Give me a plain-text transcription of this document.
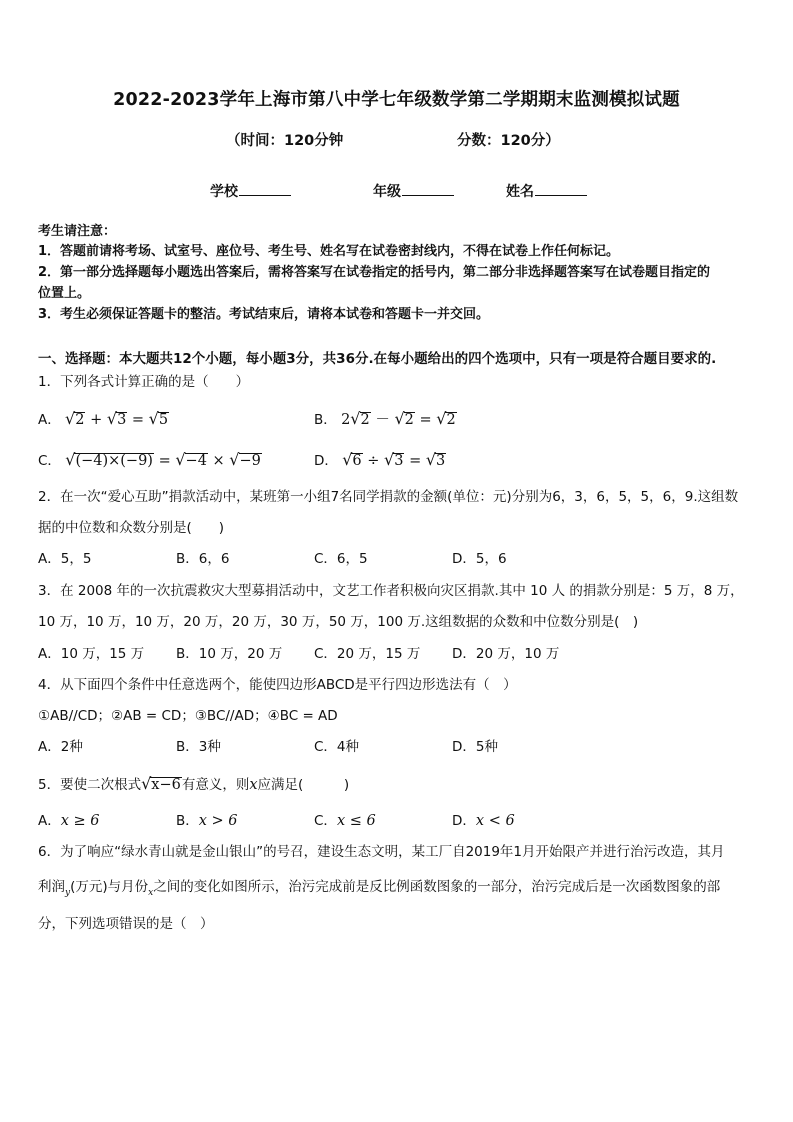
2022-2023学年上海市第八中学七年级数学第二学期期末监测模拟试题
（时间：120分钟	分数：120分）
学校	年级	姓名
考生请注意：
1．答题前请将考场、试室号、座位号、考生号、姓名写在试卷密封线内，不得在试卷上作任何标记。
2．第一部分选择题每小题选出答案后，需将答案写在试卷指定的括号内，第二部分非选择题答案写在试卷题目指定的
位置上。
3．考生必须保证答题卡的整洁。考试结束后，请将本试卷和答题卡一并交回。
一、选择题：本大题共12个小题，每小题3分，共36分.在每小题给出的四个选项中，只有一项是符合题目要求的.
1．下列各式计算正确的是（　　）
A． √2 + √3 = √5	B． 2√2 － √2 = √2
C． √(−4)×(−9) = √−4 × √−9	D． √6 ÷ √3 = √3
2．在一次“爱心互助”捐款活动中，某班第一小组7名同学捐款的金额(单位：元)分别为6，3，6，5，5，6，9.这组数
据的中位数和众数分别是(　　)
A．5，5	B．6，6	C．6，5	D．5，6
3．在 2008 年的一次抗震救灾大型募捐活动中，文艺工作者积极向灾区捐款.其中 10 人 的捐款分别是：5 万，8 万，
10 万，10 万，10 万，20 万，20 万，30 万，50 万，100 万.这组数据的众数和中位数分别是(　)
A．10 万，15 万 B．10 万，20 万 C．20 万，15 万 D．20 万，10 万
4．从下面四个条件中任意选两个，能使四边形ABCD是平行四边形选法有（　）
①AB//CD；②AB = CD；③BC//AD；④BC = AD
A．2种	B．3种	C．4种	D．5种
5．要使二次根式√x−6有意义，则x应满足(　　　)
A．x ≥ 6	B．x > 6	C．x ≤ 6	D．x < 6
6．为了响应“绿水青山就是金山银山”的号召，建设生态文明，某工厂自2019年1月开始限产并进行治污改造，其月
利润$_y$(万元)与月份$_x$之间的变化如图所示，治污完成前是反比例函数图象的一部分，治污完成后是一次函数图象的部
分，下列选项错误的是（　）
